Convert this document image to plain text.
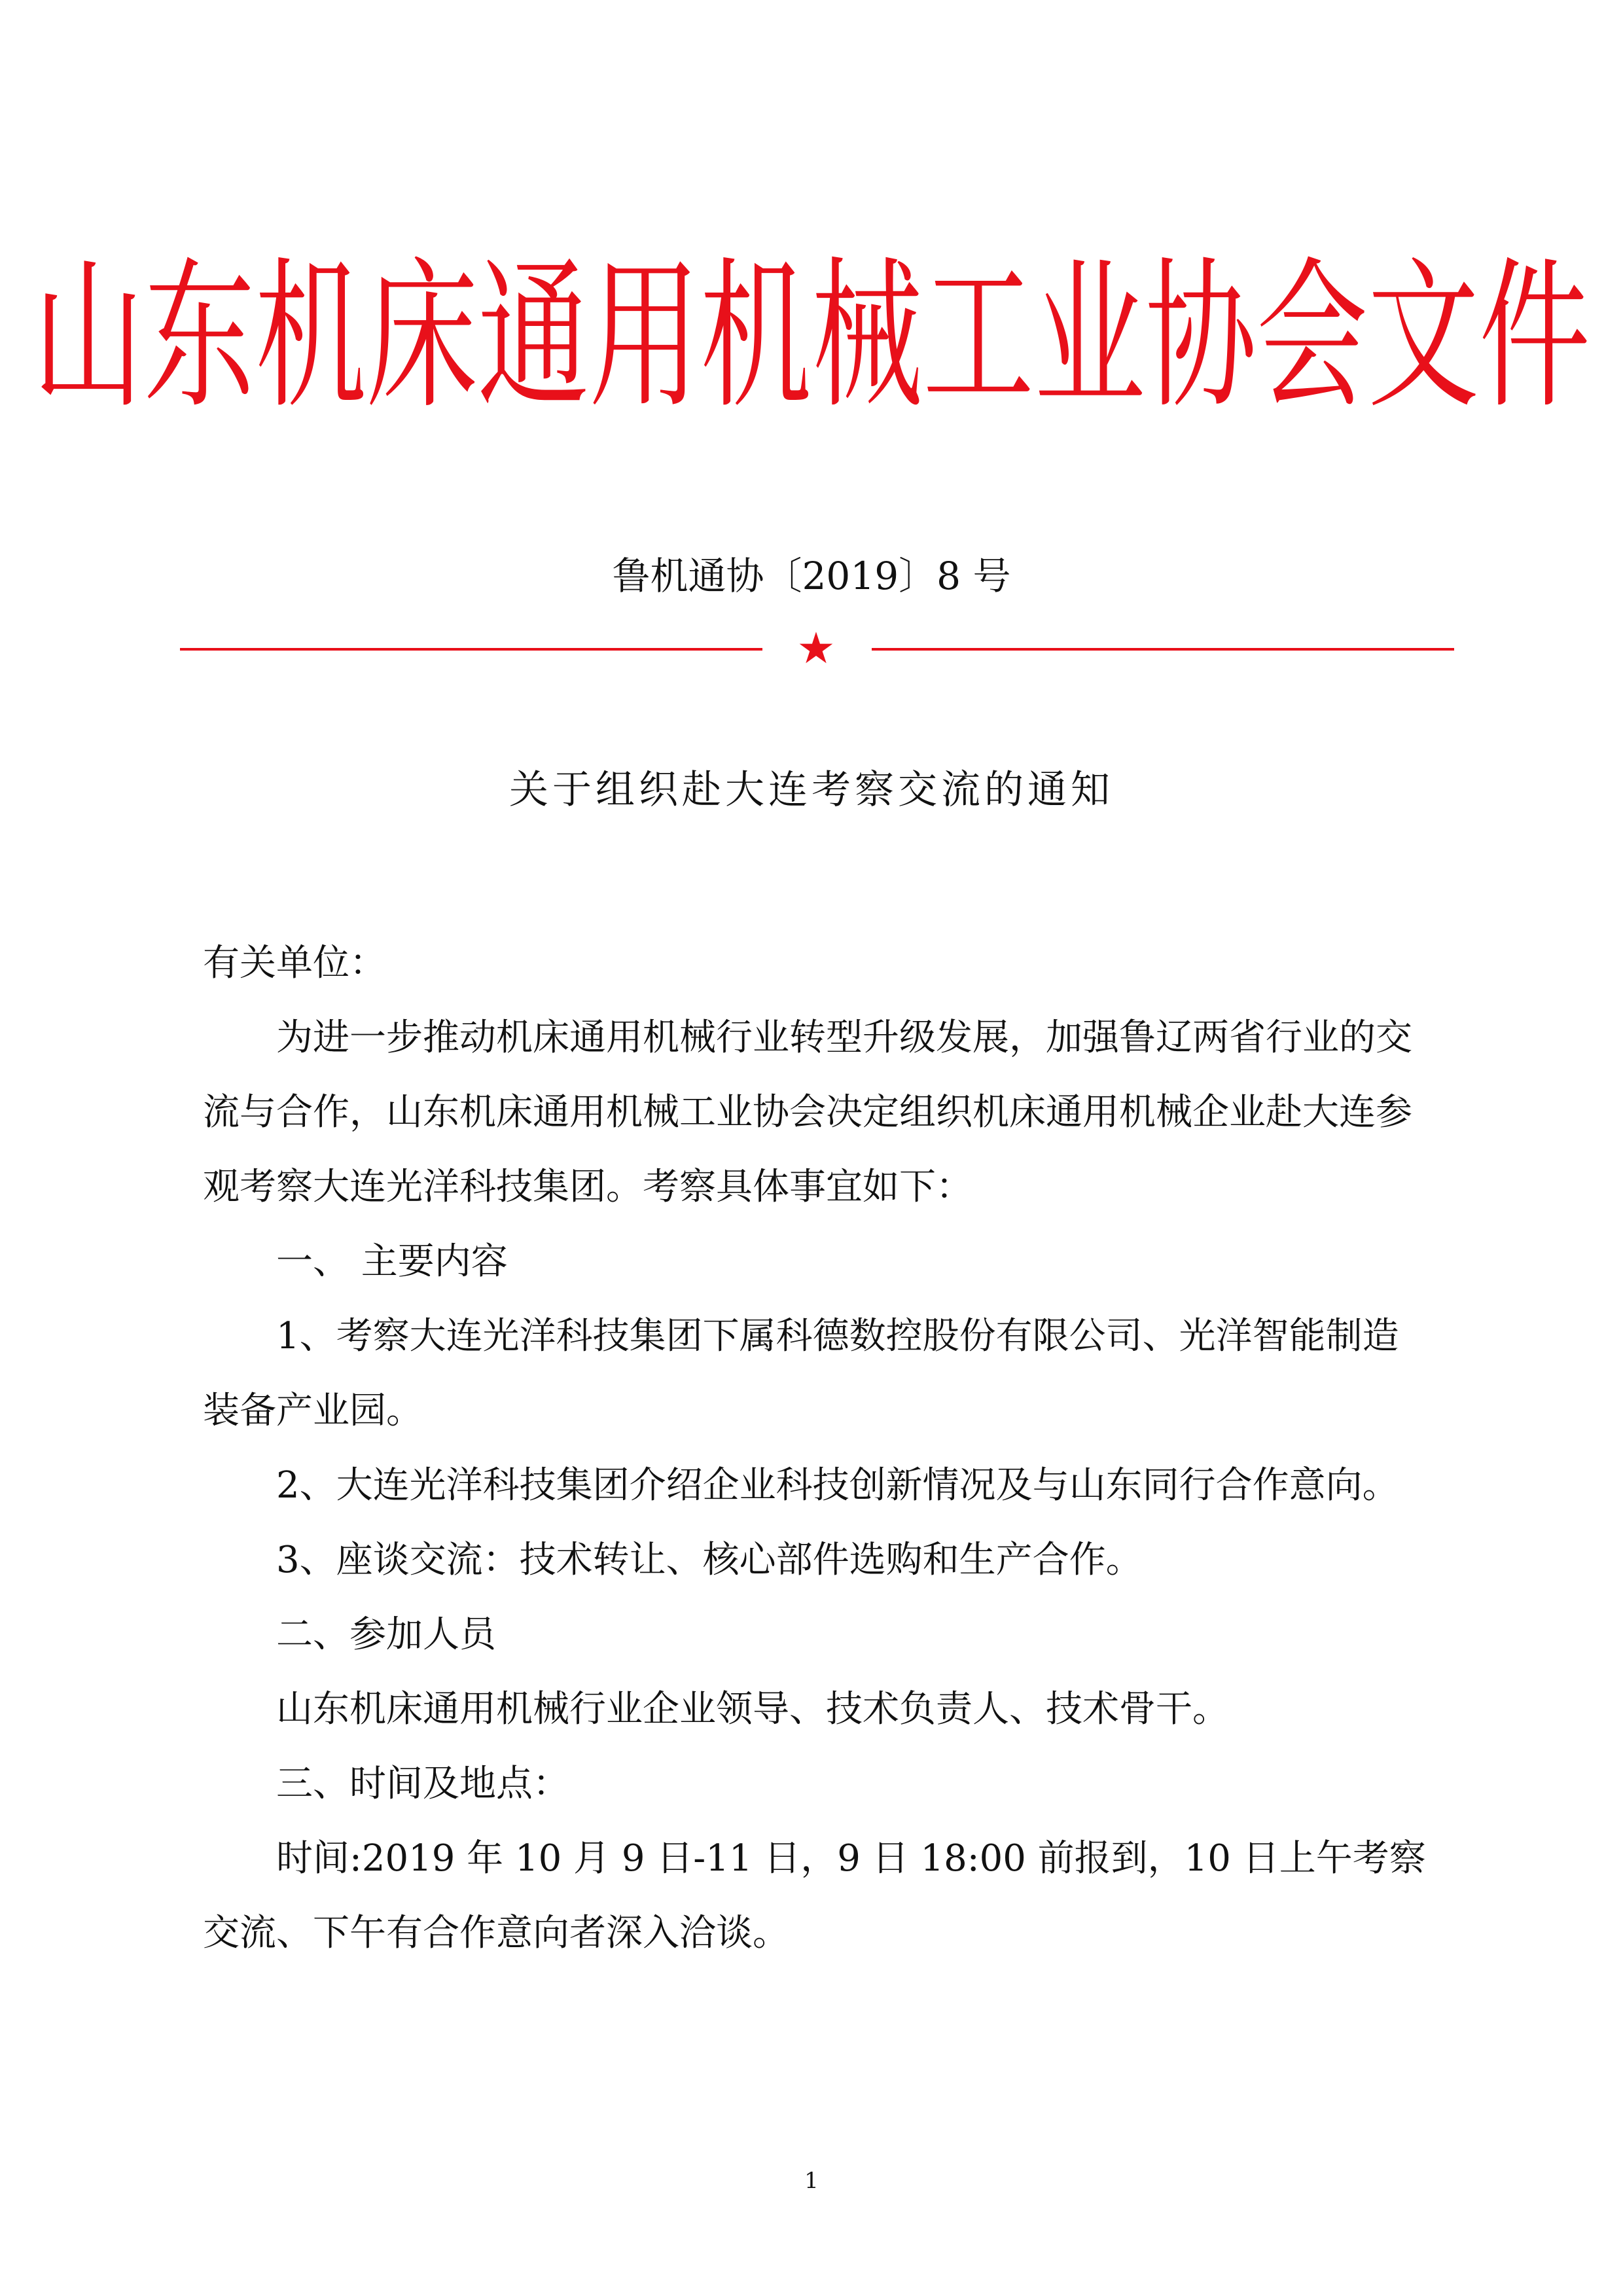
山东机床通用机械工业协会文件
鲁机通协〔2019〕8 号
★
关于组织赴大连考察交流的通知

有关单位：

为进一步推动机床通用机械行业转型升级发展，加强鲁辽两省行业的交流与合作，山东机床通用机械工业协会决定组织机床通用机械企业赴大连参观考察大连光洋科技集团。考察具体事宜如下：

一、 主要内容

1、考察大连光洋科技集团下属科德数控股份有限公司、光洋智能制造装备产业园。

2、大连光洋科技集团介绍企业科技创新情况及与山东同行合作意向。

3、座谈交流：技术转让、核心部件选购和生产合作。

二、参加人员

山东机床通用机械行业企业领导、技术负责人、技术骨干。

三、时间及地点：

时间:2019 年 10 月 9 日-11 日，9 日 18:00 前报到，10 日上午考察交流、下午有合作意向者深入洽谈。

1
